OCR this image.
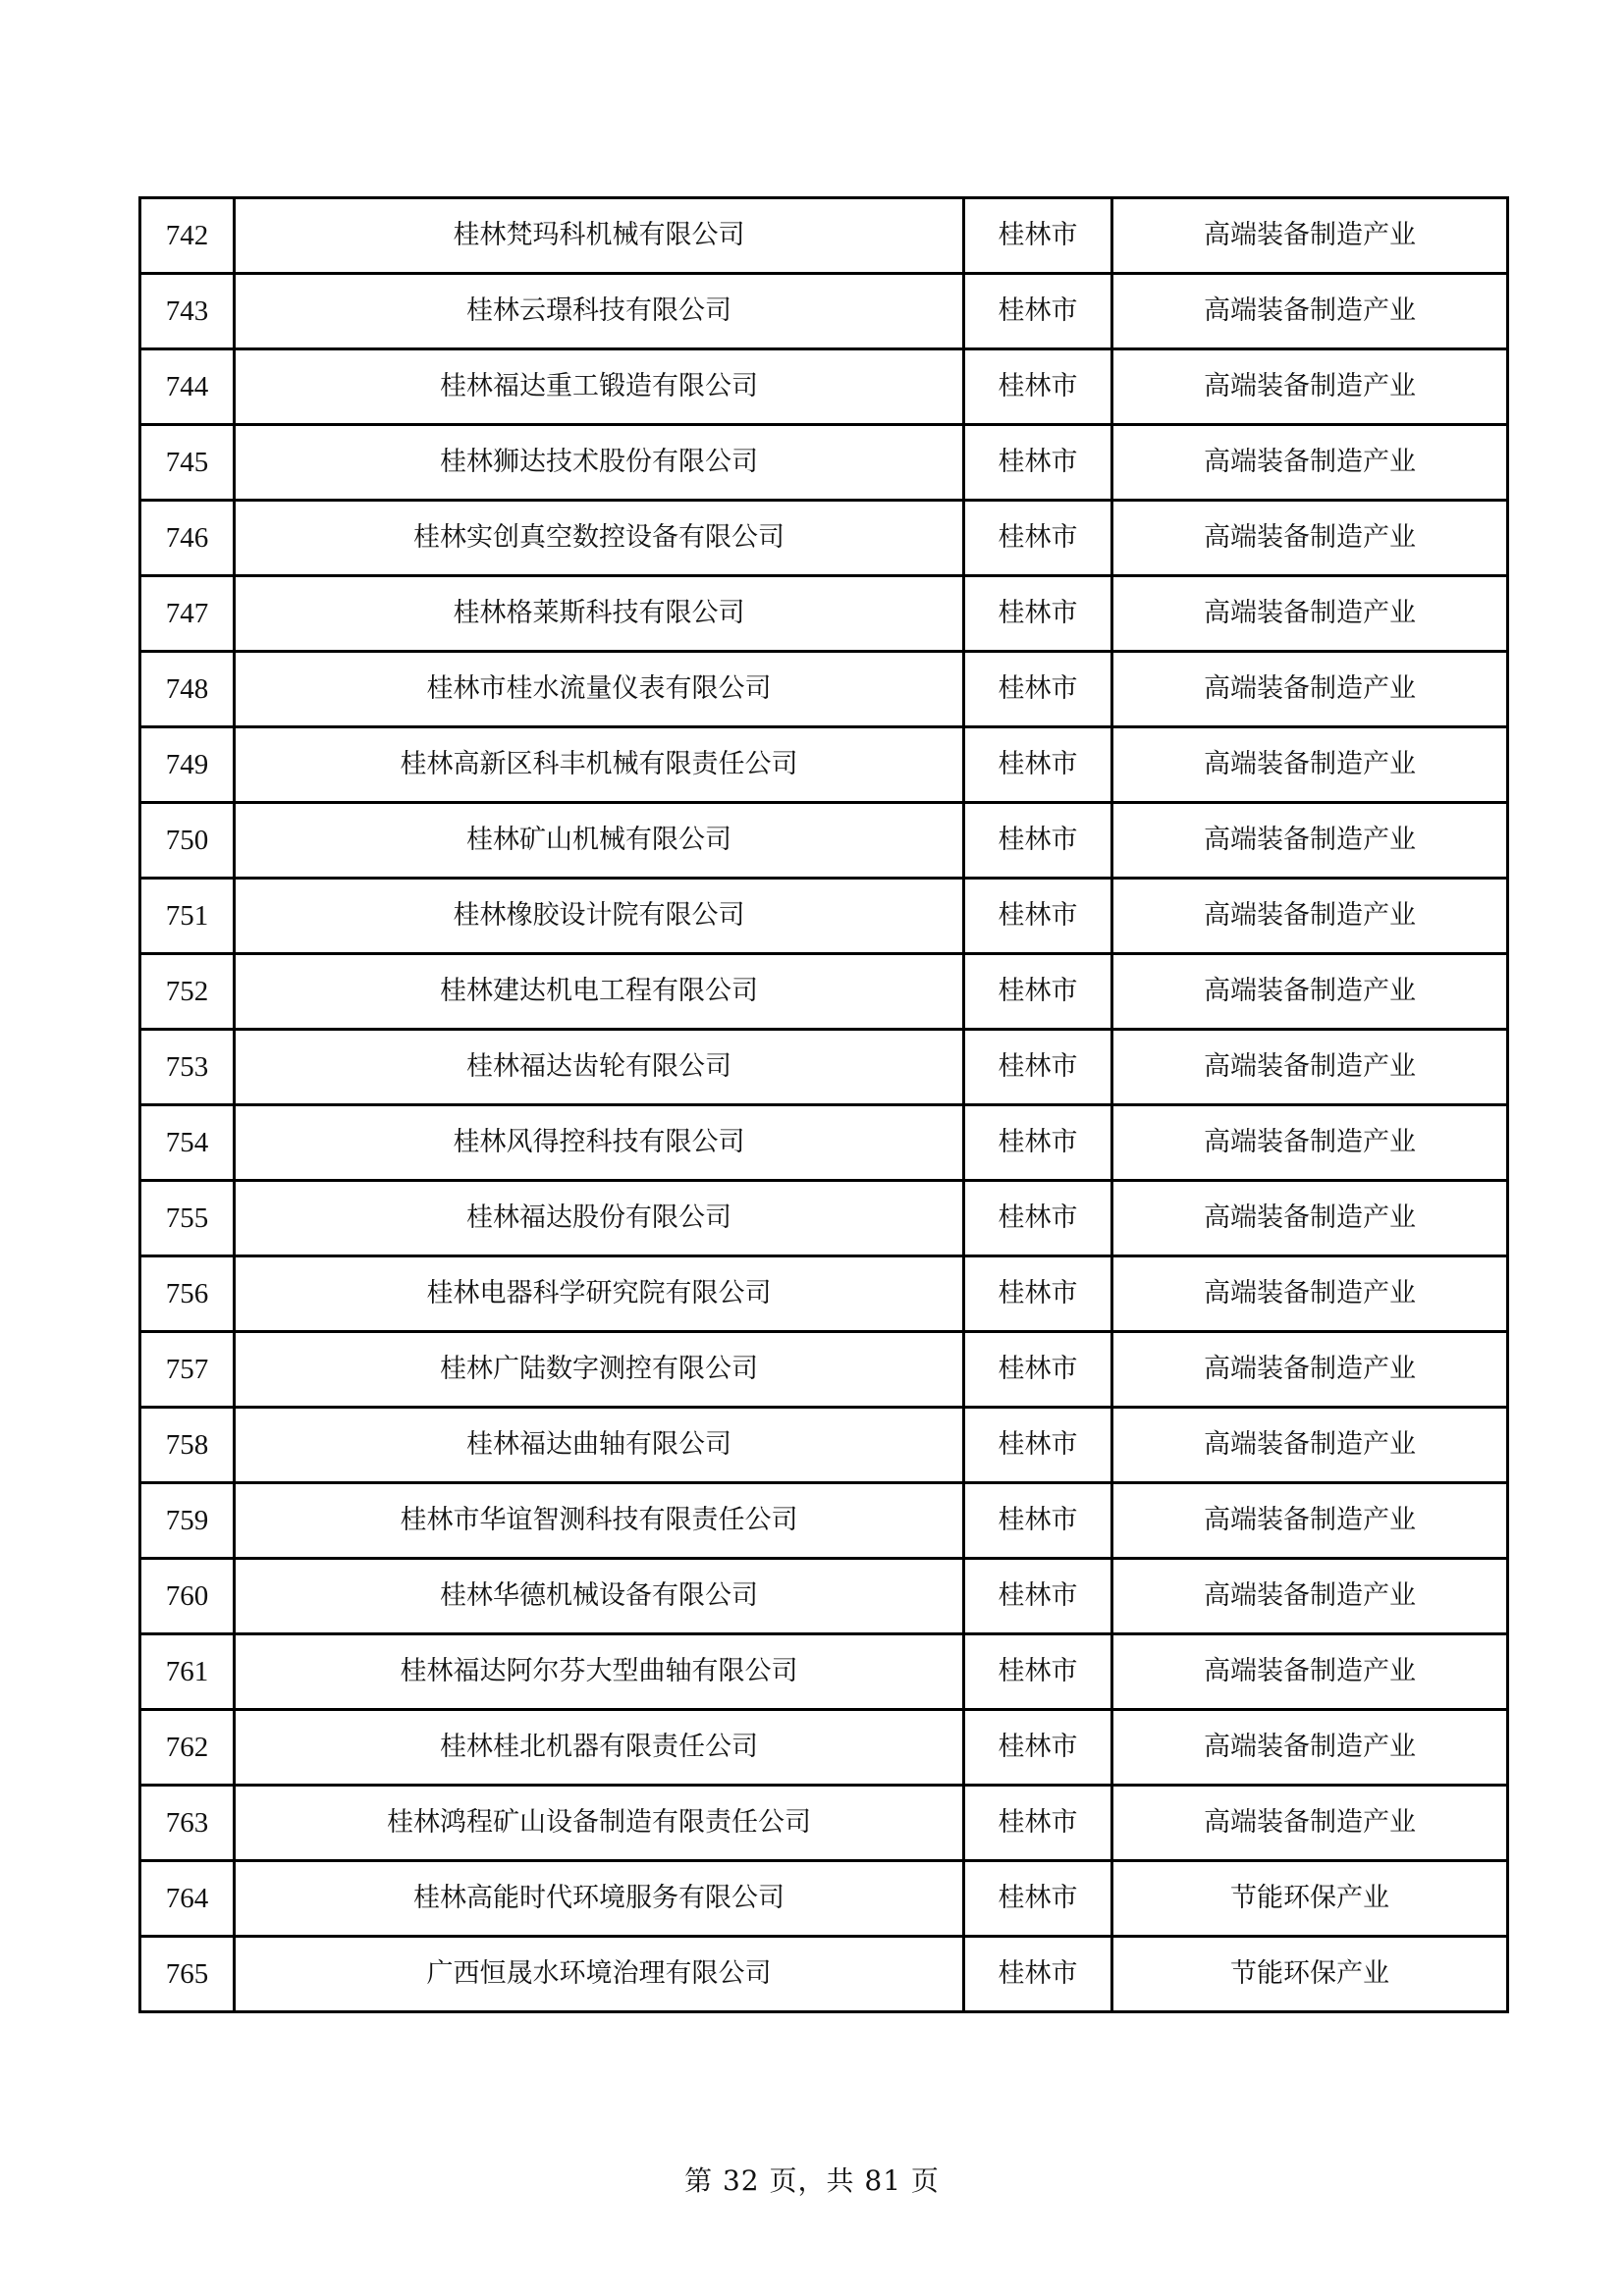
742	桂林梵玛科机械有限公司	桂林市	高端装备制造产业
743	桂林云璟科技有限公司	桂林市	高端装备制造产业
744	桂林福达重工锻造有限公司	桂林市	高端装备制造产业
745	桂林狮达技术股份有限公司	桂林市	高端装备制造产业
746	桂林实创真空数控设备有限公司	桂林市	高端装备制造产业
747	桂林格莱斯科技有限公司	桂林市	高端装备制造产业
748	桂林市桂水流量仪表有限公司	桂林市	高端装备制造产业
749	桂林高新区科丰机械有限责任公司	桂林市	高端装备制造产业
750	桂林矿山机械有限公司	桂林市	高端装备制造产业
751	桂林橡胶设计院有限公司	桂林市	高端装备制造产业
752	桂林建达机电工程有限公司	桂林市	高端装备制造产业
753	桂林福达齿轮有限公司	桂林市	高端装备制造产业
754	桂林风得控科技有限公司	桂林市	高端装备制造产业
755	桂林福达股份有限公司	桂林市	高端装备制造产业
756	桂林电器科学研究院有限公司	桂林市	高端装备制造产业
757	桂林广陆数字测控有限公司	桂林市	高端装备制造产业
758	桂林福达曲轴有限公司	桂林市	高端装备制造产业
759	桂林市华谊智测科技有限责任公司	桂林市	高端装备制造产业
760	桂林华德机械设备有限公司	桂林市	高端装备制造产业
761	桂林福达阿尔芬大型曲轴有限公司	桂林市	高端装备制造产业
762	桂林桂北机器有限责任公司	桂林市	高端装备制造产业
763	桂林鸿程矿山设备制造有限责任公司	桂林市	高端装备制造产业
764	桂林高能时代环境服务有限公司	桂林市	节能环保产业
765	广西恒晟水环境治理有限公司	桂林市	节能环保产业
第 32 页，共 81 页
